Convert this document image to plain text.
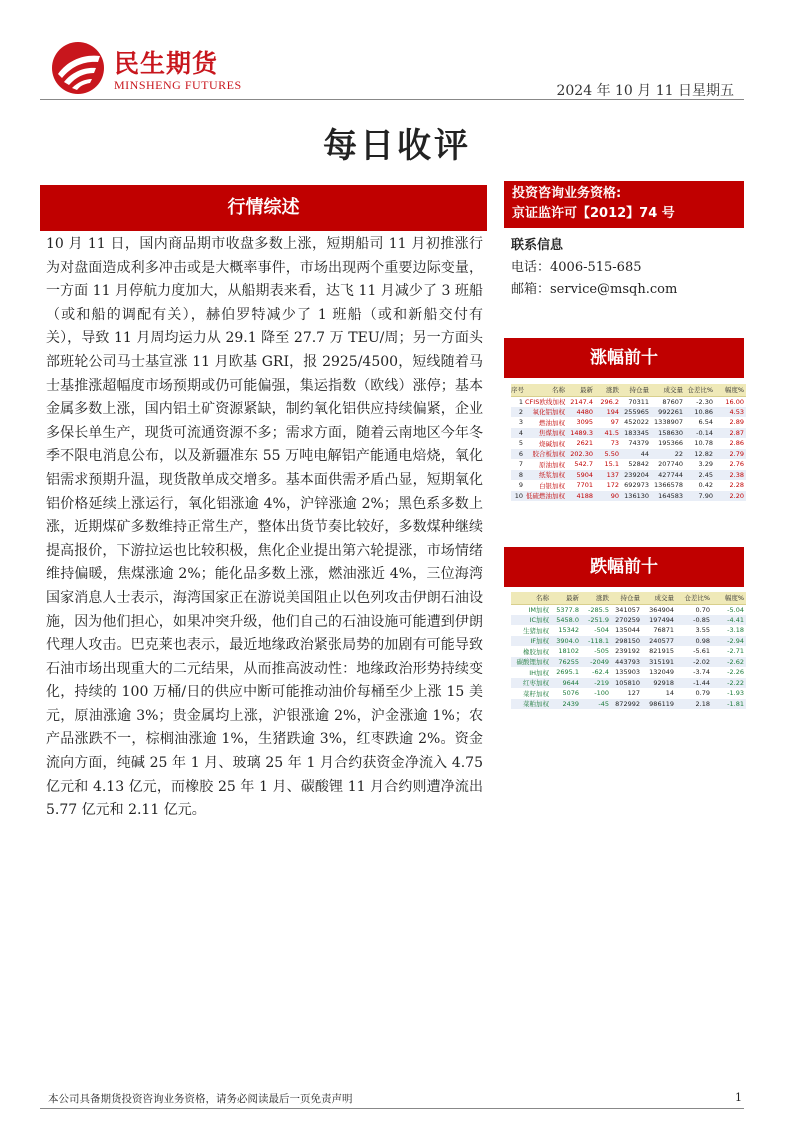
民生期货
MINSHENG FUTURES	2024 年 10 月 11 日星期五
每日收评
行情综述
10 月 11 日，国内商品期市收盘多数上涨，短期船司 11 月初推涨行为对盘面造成利多冲击或是大概率事件，市场出现两个重要边际变量，一方面 11 月停航力度加大，从船期表来看，达飞 11 月减少了 3 班船（或和船的调配有关），赫伯罗特减少了 1 班船（或和新船交付有关），导致 11 月周均运力从 29.1 降至 27.7 万 TEU/周；另一方面头部班轮公司马士基宣涨 11 月欧基 GRI，报 2925/4500，短线随着马士基推涨超幅度市场预期或仍可能偏强，集运指数（欧线）涨停；基本金属多数上涨，国内铝土矿资源紧缺，制约氧化铝供应持续偏紧，企业多保长单生产，现货可流通资源不多；需求方面，随着云南地区今年冬季不限电消息公布，以及新疆准东 55 万吨电解铝产能通电焙烧，氧化铝需求预期升温，现货散单成交增多。基本面供需矛盾凸显，短期氧化铝价格延续上涨运行，氧化铝涨逾 4%，沪锌涨逾 2%；黑色系多数上涨，近期煤矿多数维持正常生产，整体出货节奏比较好，多数煤种继续提高报价，下游拉运也比较积极，焦化企业提出第六轮提涨，市场情绪维持偏暖，焦煤涨逾 2%；能化品多数上涨，燃油涨近 4%，三位海湾国家消息人士表示，海湾国家正在游说美国阻止以色列攻击伊朗石油设施，因为他们担心，如果冲突升级，他们自己的石油设施可能遭到伊朗代理人攻击。巴克莱也表示，最近地缘政治紧张局势的加剧有可能导致石油市场出现重大的二元结果，从而推高波动性：地缘政治形势持续变化，持续的 100 万桶/日的供应中断可能推动油价每桶至少上涨 15 美元，原油涨逾 3%；贵金属均上涨，沪银涨逾 2%，沪金涨逾 1%；农产品涨跌不一，棕榈油涨逾 1%，生猪跌逾 3%，红枣跌逾 2%。资金流向方面，纯碱 25 年 1 月、玻璃 25 年 1 月合约获资金净流入 4.75 亿元和 4.13 亿元，而橡胶 25 年 1 月、碳酸锂 11 月合约则遭净流出 5.77 亿元和 2.11 亿元。
投资咨询业务资格:
京证监许可【2012】74 号
联系信息
电话：4006-515-685
邮箱：service@msqh.com
涨幅前十
序号	名称	最新	涨跌	持仓量	成交量	仓差比%	幅度%
1	CFIS欧线加权	2147.4	296.2	70311	87607	-2.30	16.00
2	氧化铝加权	4480	194	255965	992261	10.86	4.53
3	燃油加权	3095	97	452022	1338907	6.54	2.89
4	焦煤加权	1489.3	41.5	183345	158630	-0.14	2.87
5	烧碱加权	2621	73	74379	195366	10.78	2.86
6	胶合板加权	202.30	5.50	44	22	12.82	2.79
7	原油加权	542.7	15.1	52842	207740	3.29	2.76
8	纸浆加权	5904	137	239204	427744	2.45	2.38
9	白银加权	7701	172	692973	1366578	0.42	2.28
10	低硫燃油加权	4188	90	136130	164583	7.90	2.20
跌幅前十
名称	最新	涨跌	持仓量	成交量	仓差比%	幅度%
IM加权	5377.8	-285.5	341057	364904	0.70	-5.04
IC加权	5458.0	-251.9	270259	197494	-0.85	-4.41
生猪加权	15342	-504	135044	76871	3.55	-3.18
IF加权	3904.0	-118.1	298150	240577	0.98	-2.94
橡胶加权	18102	-505	239192	821915	-5.61	-2.71
碳酸锂加权	76255	-2049	443793	315191	-2.02	-2.62
IH加权	2695.1	-62.4	135903	132049	-3.74	-2.26
红枣加权	9644	-219	105810	92918	-1.44	-2.22
菜籽加权	5076	-100	127	14	0.79	-1.93
菜粕加权	2439	-45	872992	986119	2.18	-1.81
本公司具备期货投资咨询业务资格，请务必阅读最后一页免责声明	1
